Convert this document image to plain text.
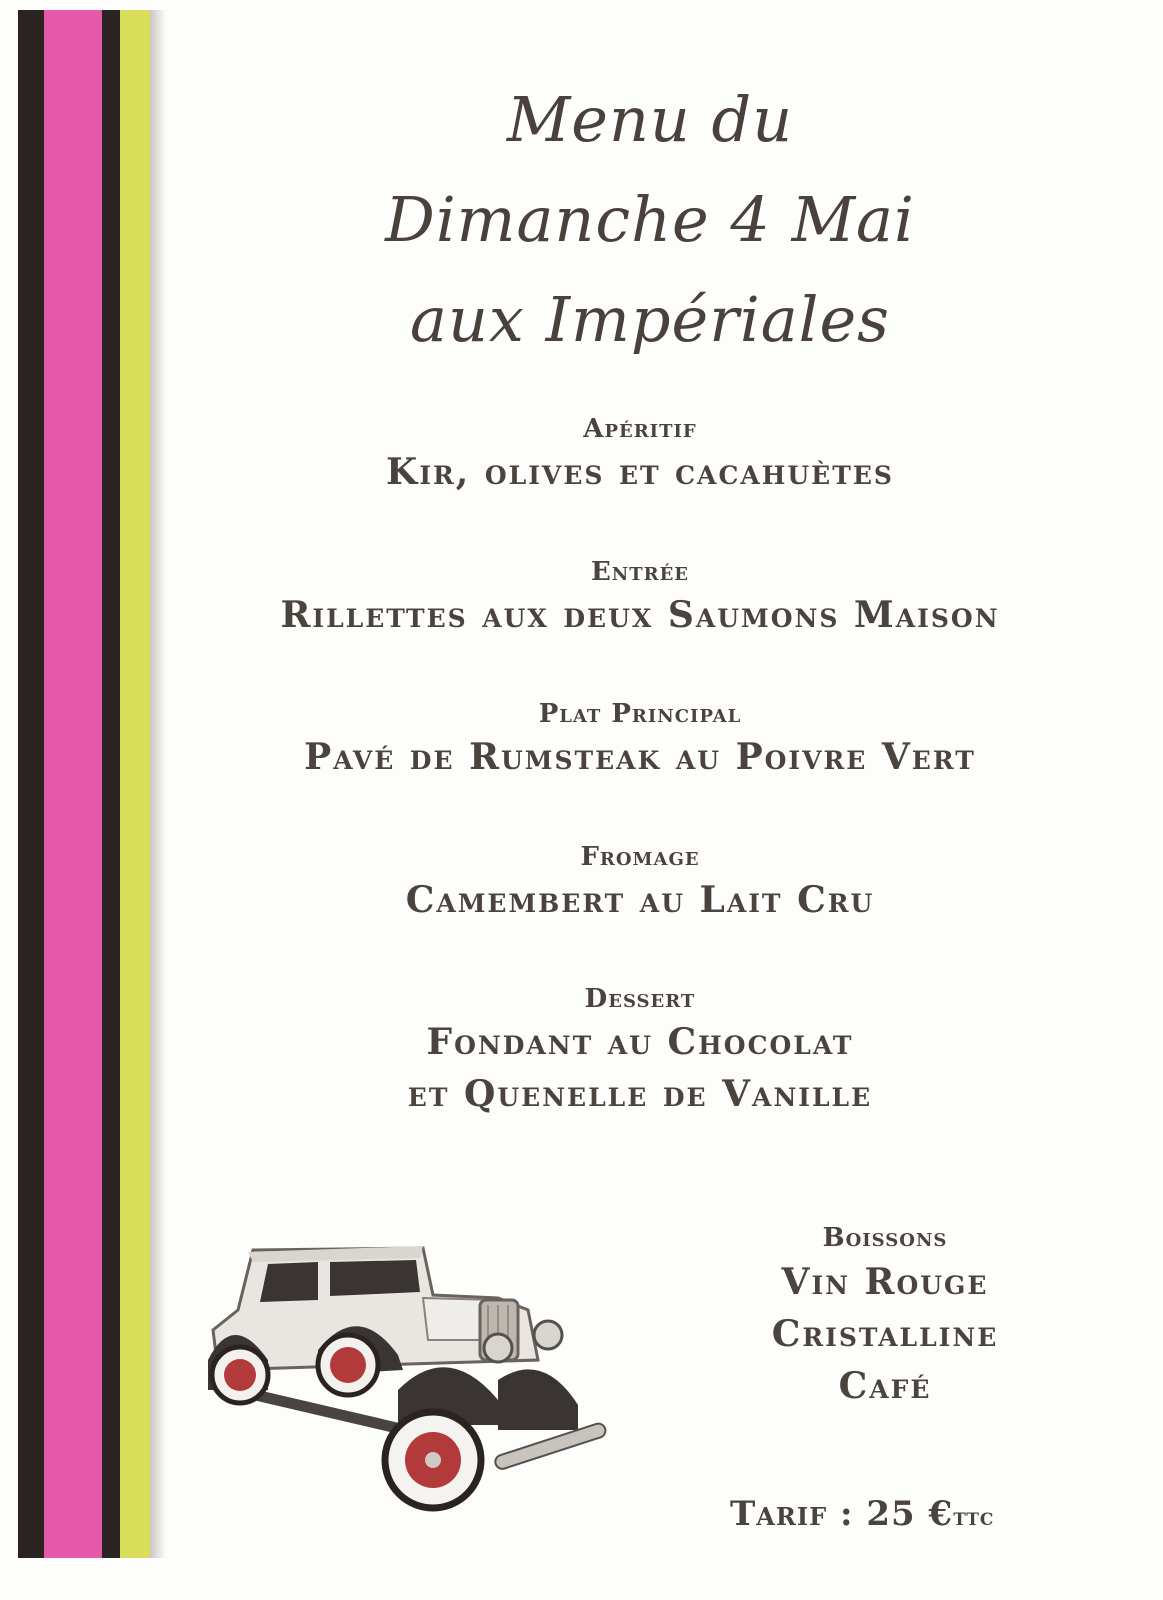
Menu du
Dimanche 4 Mai
aux Impériales
Apéritif
Kir, olives et cacahuètes
Entrée
Rillettes aux deux Saumons Maison
Plat Principal
Pavé de Rumsteak au Poivre Vert
Fromage
Camembert au Lait Cru
Dessert
Fondant au Chocolat
et Quenelle de Vanille
Boissons
Vin Rouge
Cristalline
Café
Tarif : 25 €ttc
